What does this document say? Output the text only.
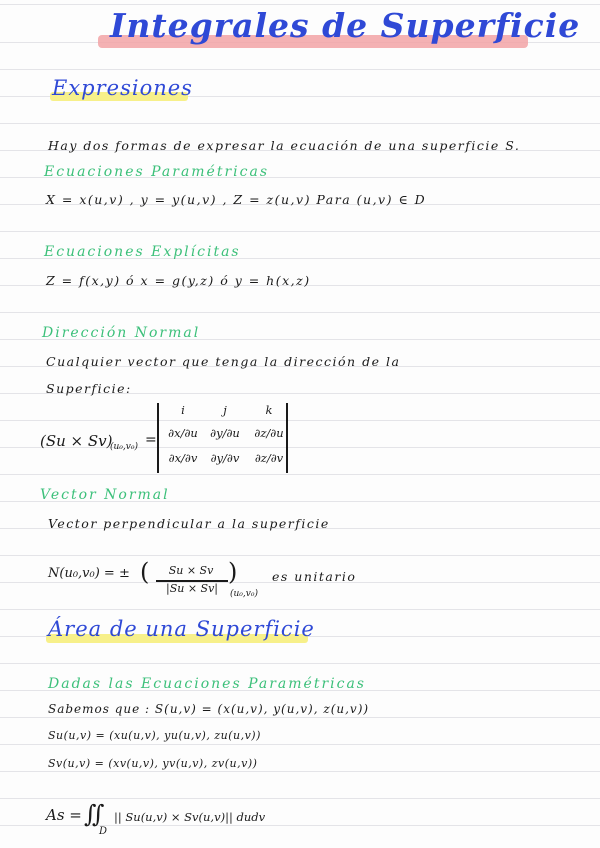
Integrales de Superficie
Expresiones
Hay dos formas de expresar la ecuación de una superficie S.
Ecuaciones Paramétricas
X = x(u,v) , y = y(u,v) , Z = z(u,v) Para (u,v) ∈ D
Ecuaciones Explícitas
Z = f(x,y) ó x = g(y,z) ó y = h(x,z)
Dirección Normal
Cualquier vector que tenga la dirección de la
Superficie:
(Su × Sv)
(u₀,v₀) =
i	j	k
∂x/∂u ∂y/∂u ∂z/∂u
∂x/∂v ∂y/∂v ∂z/∂v
Vector Normal
Vector perpendicular a la superficie
N(u₀,v₀) = ± (	Su × Sv
|Su × Sv|
)
(u₀,v₀)
es unitario
Área de una Superficie
Dadas las Ecuaciones Paramétricas
Sabemos que : S(u,v) = (x(u,v), y(u,v), z(u,v))
Su(u,v) = (xu(u,v), yu(u,v), zu(u,v))
Sv(u,v) = (xv(u,v), yv(u,v), zv(u,v))
As = ∬
D
|| Su(u,v) × Sv(u,v)|| dudv
